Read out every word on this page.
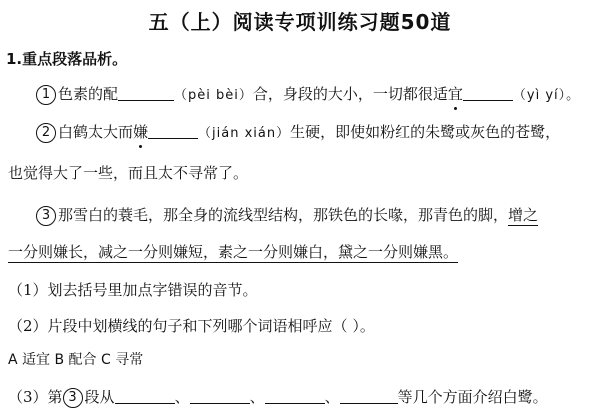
五（上）阅读专项训练习题50道
1.重点段落品析。
1 色素的配	（pèi bèi）合，身段的大小，一切都很适宜	（yì yí）。
2 白鹤太大而嫌	（jián xián）生硬，即使如粉红的朱鹭或灰色的苍鹭，
也觉得大了一些，而且太不寻常了。
3 那雪白的蓑毛，那全身的流线型结构，那铁色的长喙，那青色的脚，增之
一分则嫌长，减之一分则嫌短，素之一分则嫌白，黛之一分则嫌黑。
（1）划去括号里加点字错误的音节。
（2）片段中划横线的句子和下列哪个词语相呼应（ ）。
A 适宜 B 配合 C 寻常
（3）第 3 段从	、	、	、	等几个方面介绍白鹭。
